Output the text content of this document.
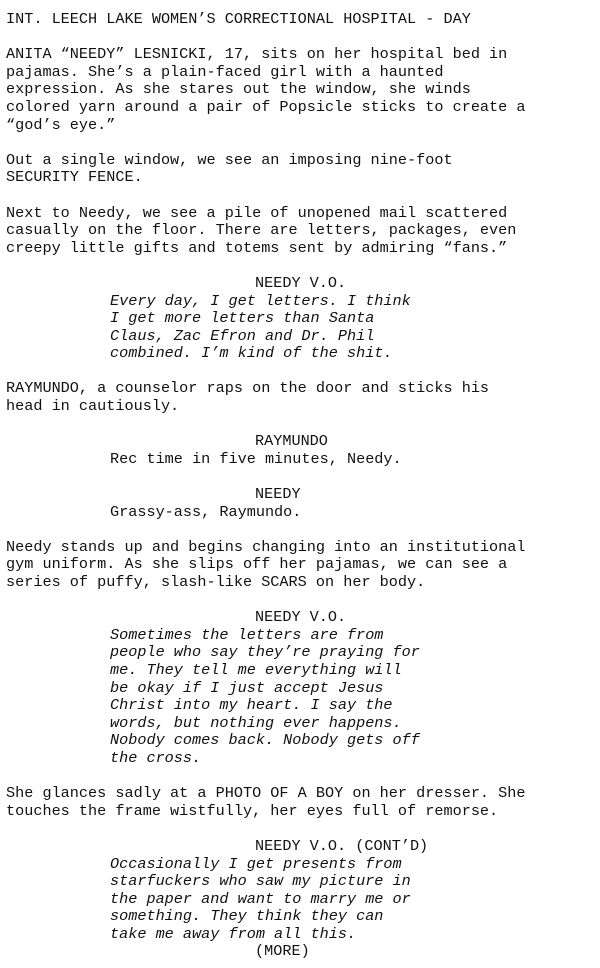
INT. LEECH LAKE WOMEN’S CORRECTIONAL HOSPITAL - DAY
ANITA “NEEDY” LESNICKI, 17, sits on her hospital bed in
pajamas. She’s a plain-faced girl with a haunted
expression. As she stares out the window, she winds
colored yarn around a pair of Popsicle sticks to create a
“god’s eye.”
Out a single window, we see an imposing nine-foot
SECURITY FENCE.
Next to Needy, we see a pile of unopened mail scattered
casually on the floor. There are letters, packages, even
creepy little gifts and totems sent by admiring “fans.”
NEEDY V.O.
Every day, I get letters. I think
I get more letters than Santa
Claus, Zac Efron and Dr. Phil
combined. I’m kind of the shit.
RAYMUNDO, a counselor raps on the door and sticks his
head in cautiously.
RAYMUNDO
Rec time in five minutes, Needy.
NEEDY
Grassy-ass, Raymundo.
Needy stands up and begins changing into an institutional
gym uniform. As she slips off her pajamas, we can see a
series of puffy, slash-like SCARS on her body.
NEEDY V.O.
Sometimes the letters are from
people who say they’re praying for
me. They tell me everything will
be okay if I just accept Jesus
Christ into my heart. I say the
words, but nothing ever happens.
Nobody comes back. Nobody gets off
the cross.
She glances sadly at a PHOTO OF A BOY on her dresser. She
touches the frame wistfully, her eyes full of remorse.
NEEDY V.O. (CONT’D)
Occasionally I get presents from
starfuckers who saw my picture in
the paper and want to marry me or
something. They think they can
take me away from all this.
(MORE)
